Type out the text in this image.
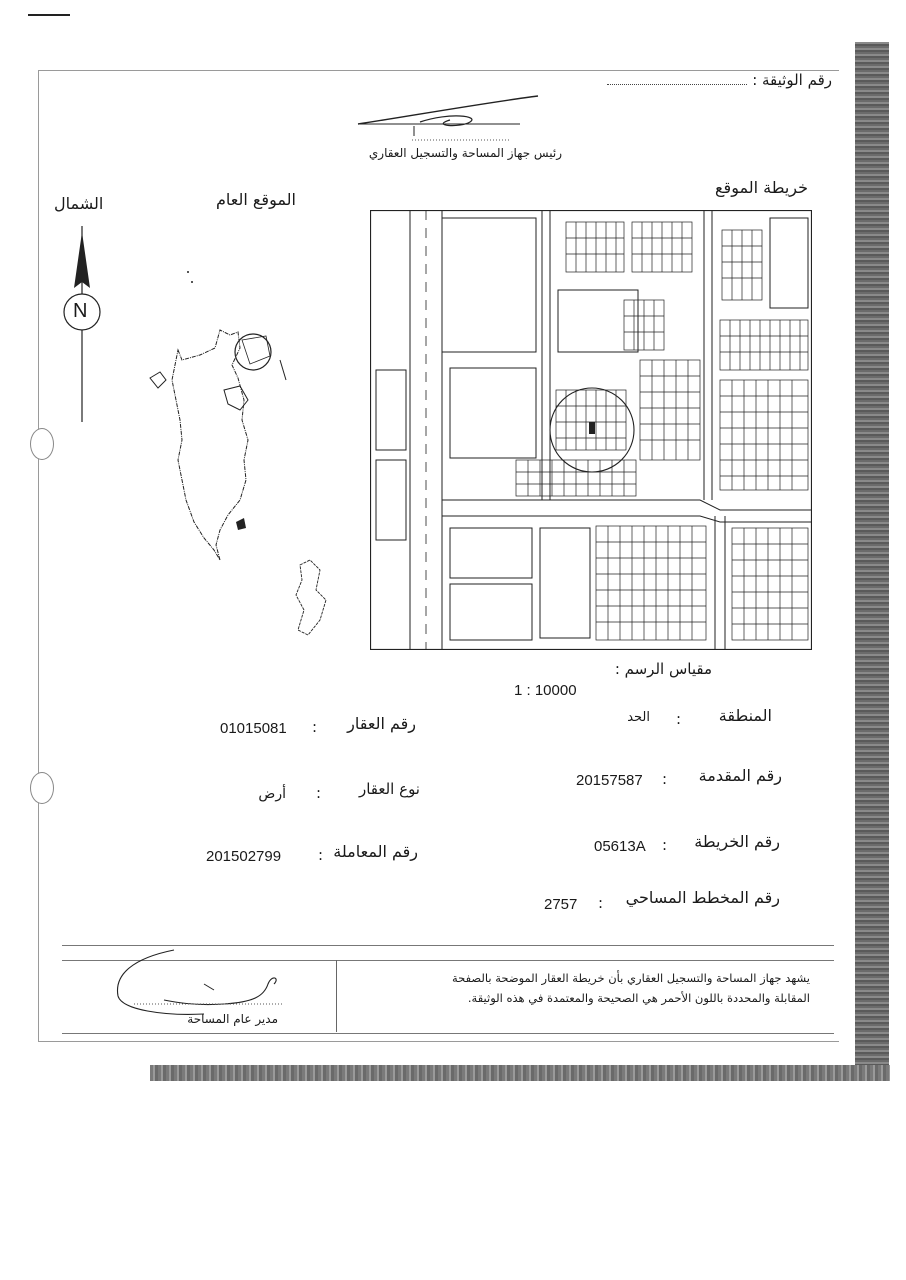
رقم الوثيقة :
رئيس جهاز المساحة والتسجيل العقاري
خريطة الموقع
الموقع العام
الشمال
N
مقياس الرسم :
1 : 10000
المنطقة
:
الحد
رقم المقدمة
:
20157587
رقم الخريطة
:
05613A
رقم المخطط المساحي
:
2757
رقم العقار
:
01015081
نوع العقار
:
أرض
رقم المعاملة
:
201502799
يشهد جهاز المساحة والتسجيل العقاري بأن خريطة العقار الموضحة بالصفحة
المقابلة والمحددة باللون الأحمر هي الصحيحة والمعتمدة في هذه الوثيقة.
مدير عام المساحة
